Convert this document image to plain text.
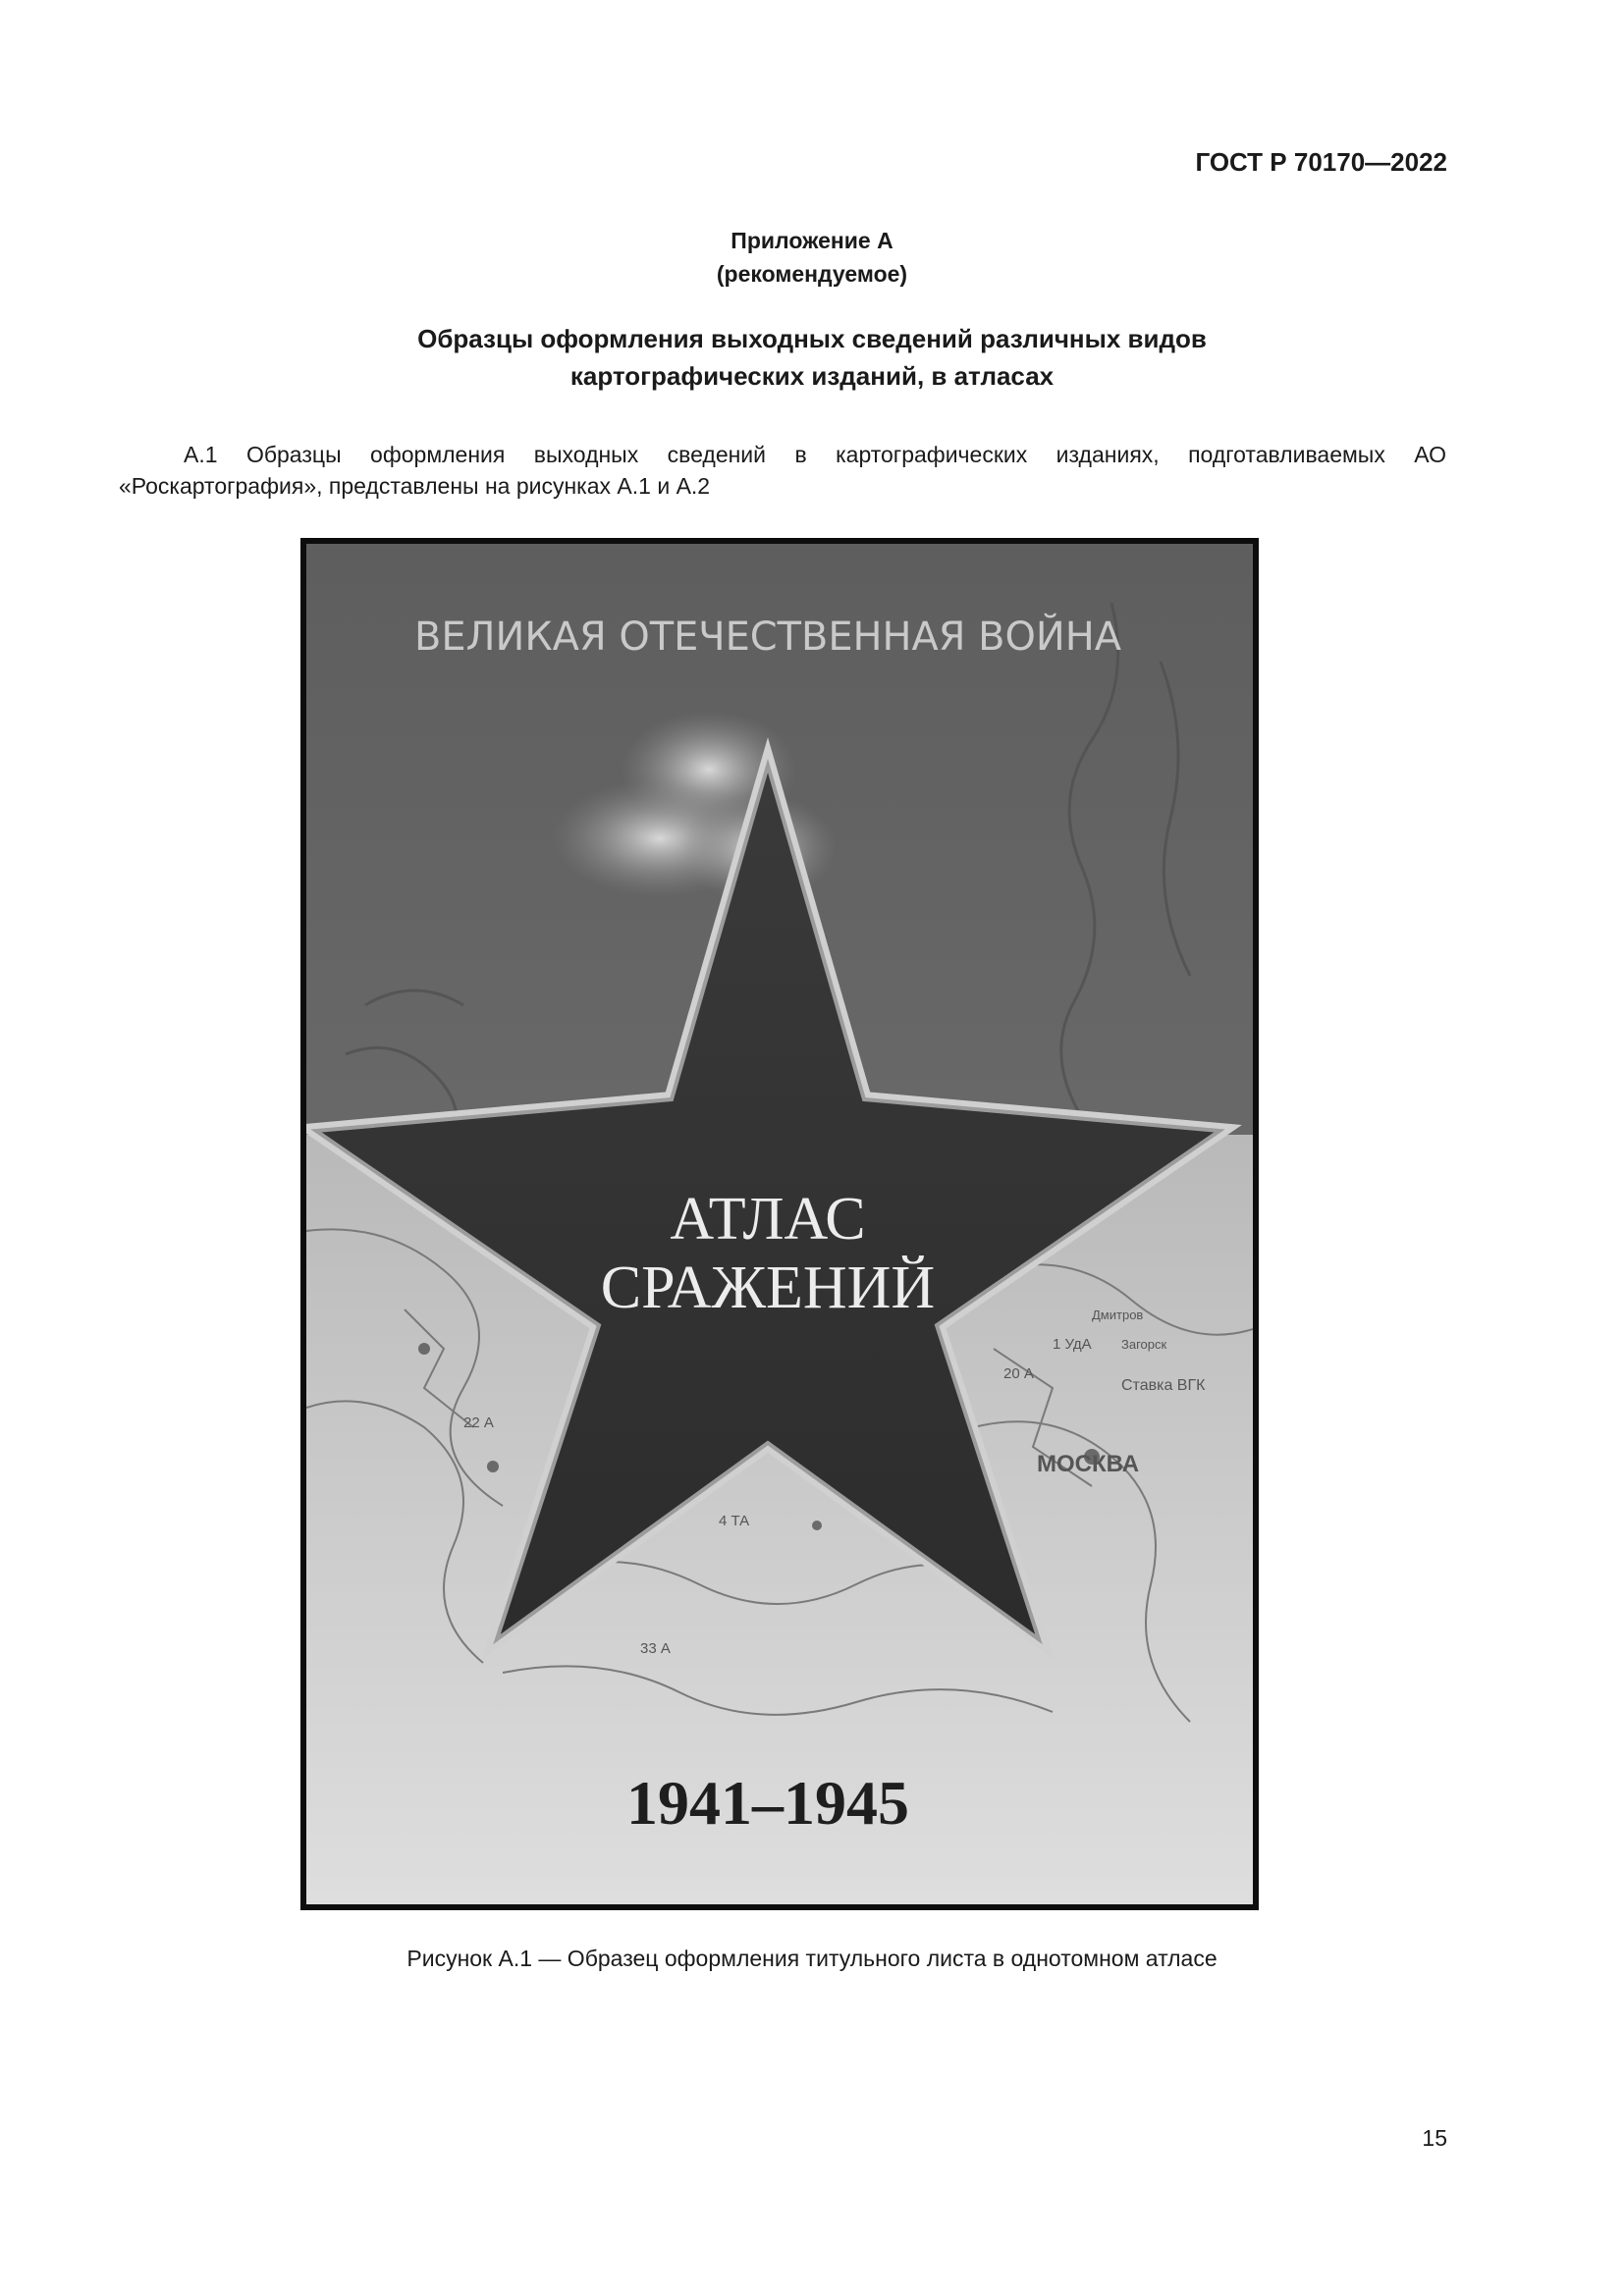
ГОСТ Р 70170—2022
Приложение А
(рекомендуемое)
Образцы оформления выходных сведений различных видов
картографических изданий, в атласах

А.1 Образцы оформления выходных сведений в картографических изданиях, подготавливаемых АО «Роскартография», представлены на рисунках А.1 и А.2

МОСКВА
Ставка ВГК
1 УдА Загорск
Дмитров
20 А
22 А
4 ТА
33 А
ВЕЛИКАЯ ОТЕЧЕСТВЕННАЯ ВОЙНА
АТЛАС
СРАЖЕНИЙ
1941–1945
Рисунок А.1 — Образец оформления титульного листа в однотомном атласе
15
